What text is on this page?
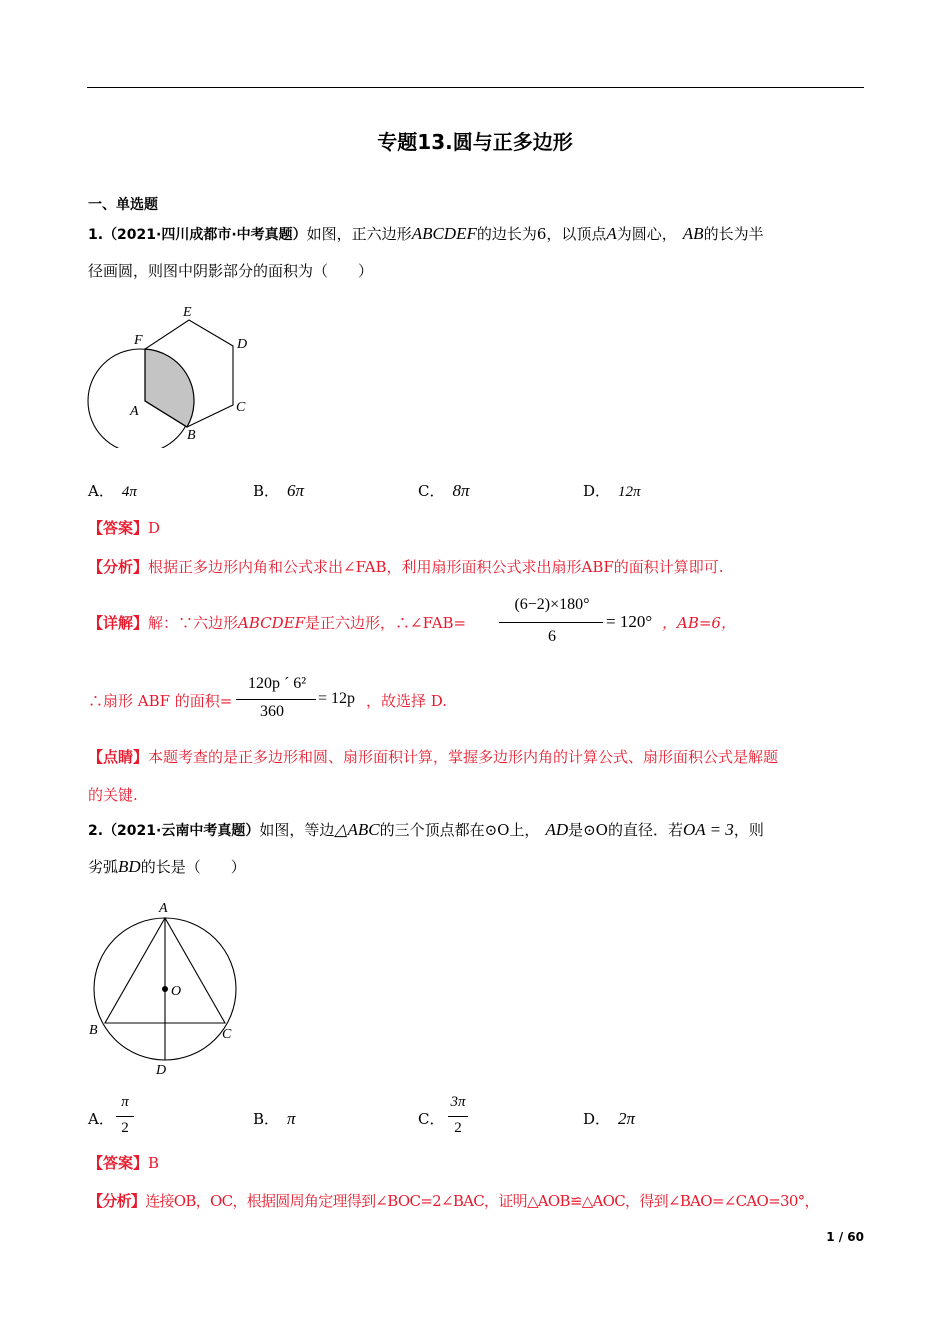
专题13.圆与正多边形
一、单选题
1.（2021·四川成都市·中考真题）如图，正六边形ABCDEF的边长为6，以顶点A为圆心， AB的长为半
径画圆，则图中阴影部分的面积为（　　）
E
F	D
A	C
B
A． 4π	B． 6π	C． 8π	D． 12π
【答案】D
【分析】根据正多边形内角和公式求出∠FAB，利用扇形面积公式求出扇形ABF的面积计算即可.
【详解】解：∵六边形ABCDEF是正六边形，∴∠FAB=
(6−2)×180°
6
= 120° ，AB=6，
∴扇形 ABF 的面积=
120p ´ 6²
360
= 12p ，故选择 D.
【点睛】本题考查的是正多边形和圆、扇形面积计算，掌握多边形内角的计算公式、扇形面积公式是解题
的关键.
2.（2021·云南中考真题）如图，等边△ABC的三个顶点都在⊙O上， AD是⊙O的直径．若OA = 3，则
劣弧BD的长是（　　）
A
O
B	C
D
A．
π
2	B． π	C．
3π
2	D． 2π
【答案】B
【分析】连接OB，OC，根据圆周角定理得到∠BOC=2∠BAC，证明△AOB≌△AOC，得到∠BAO=∠CAO=30°，
1 / 60
